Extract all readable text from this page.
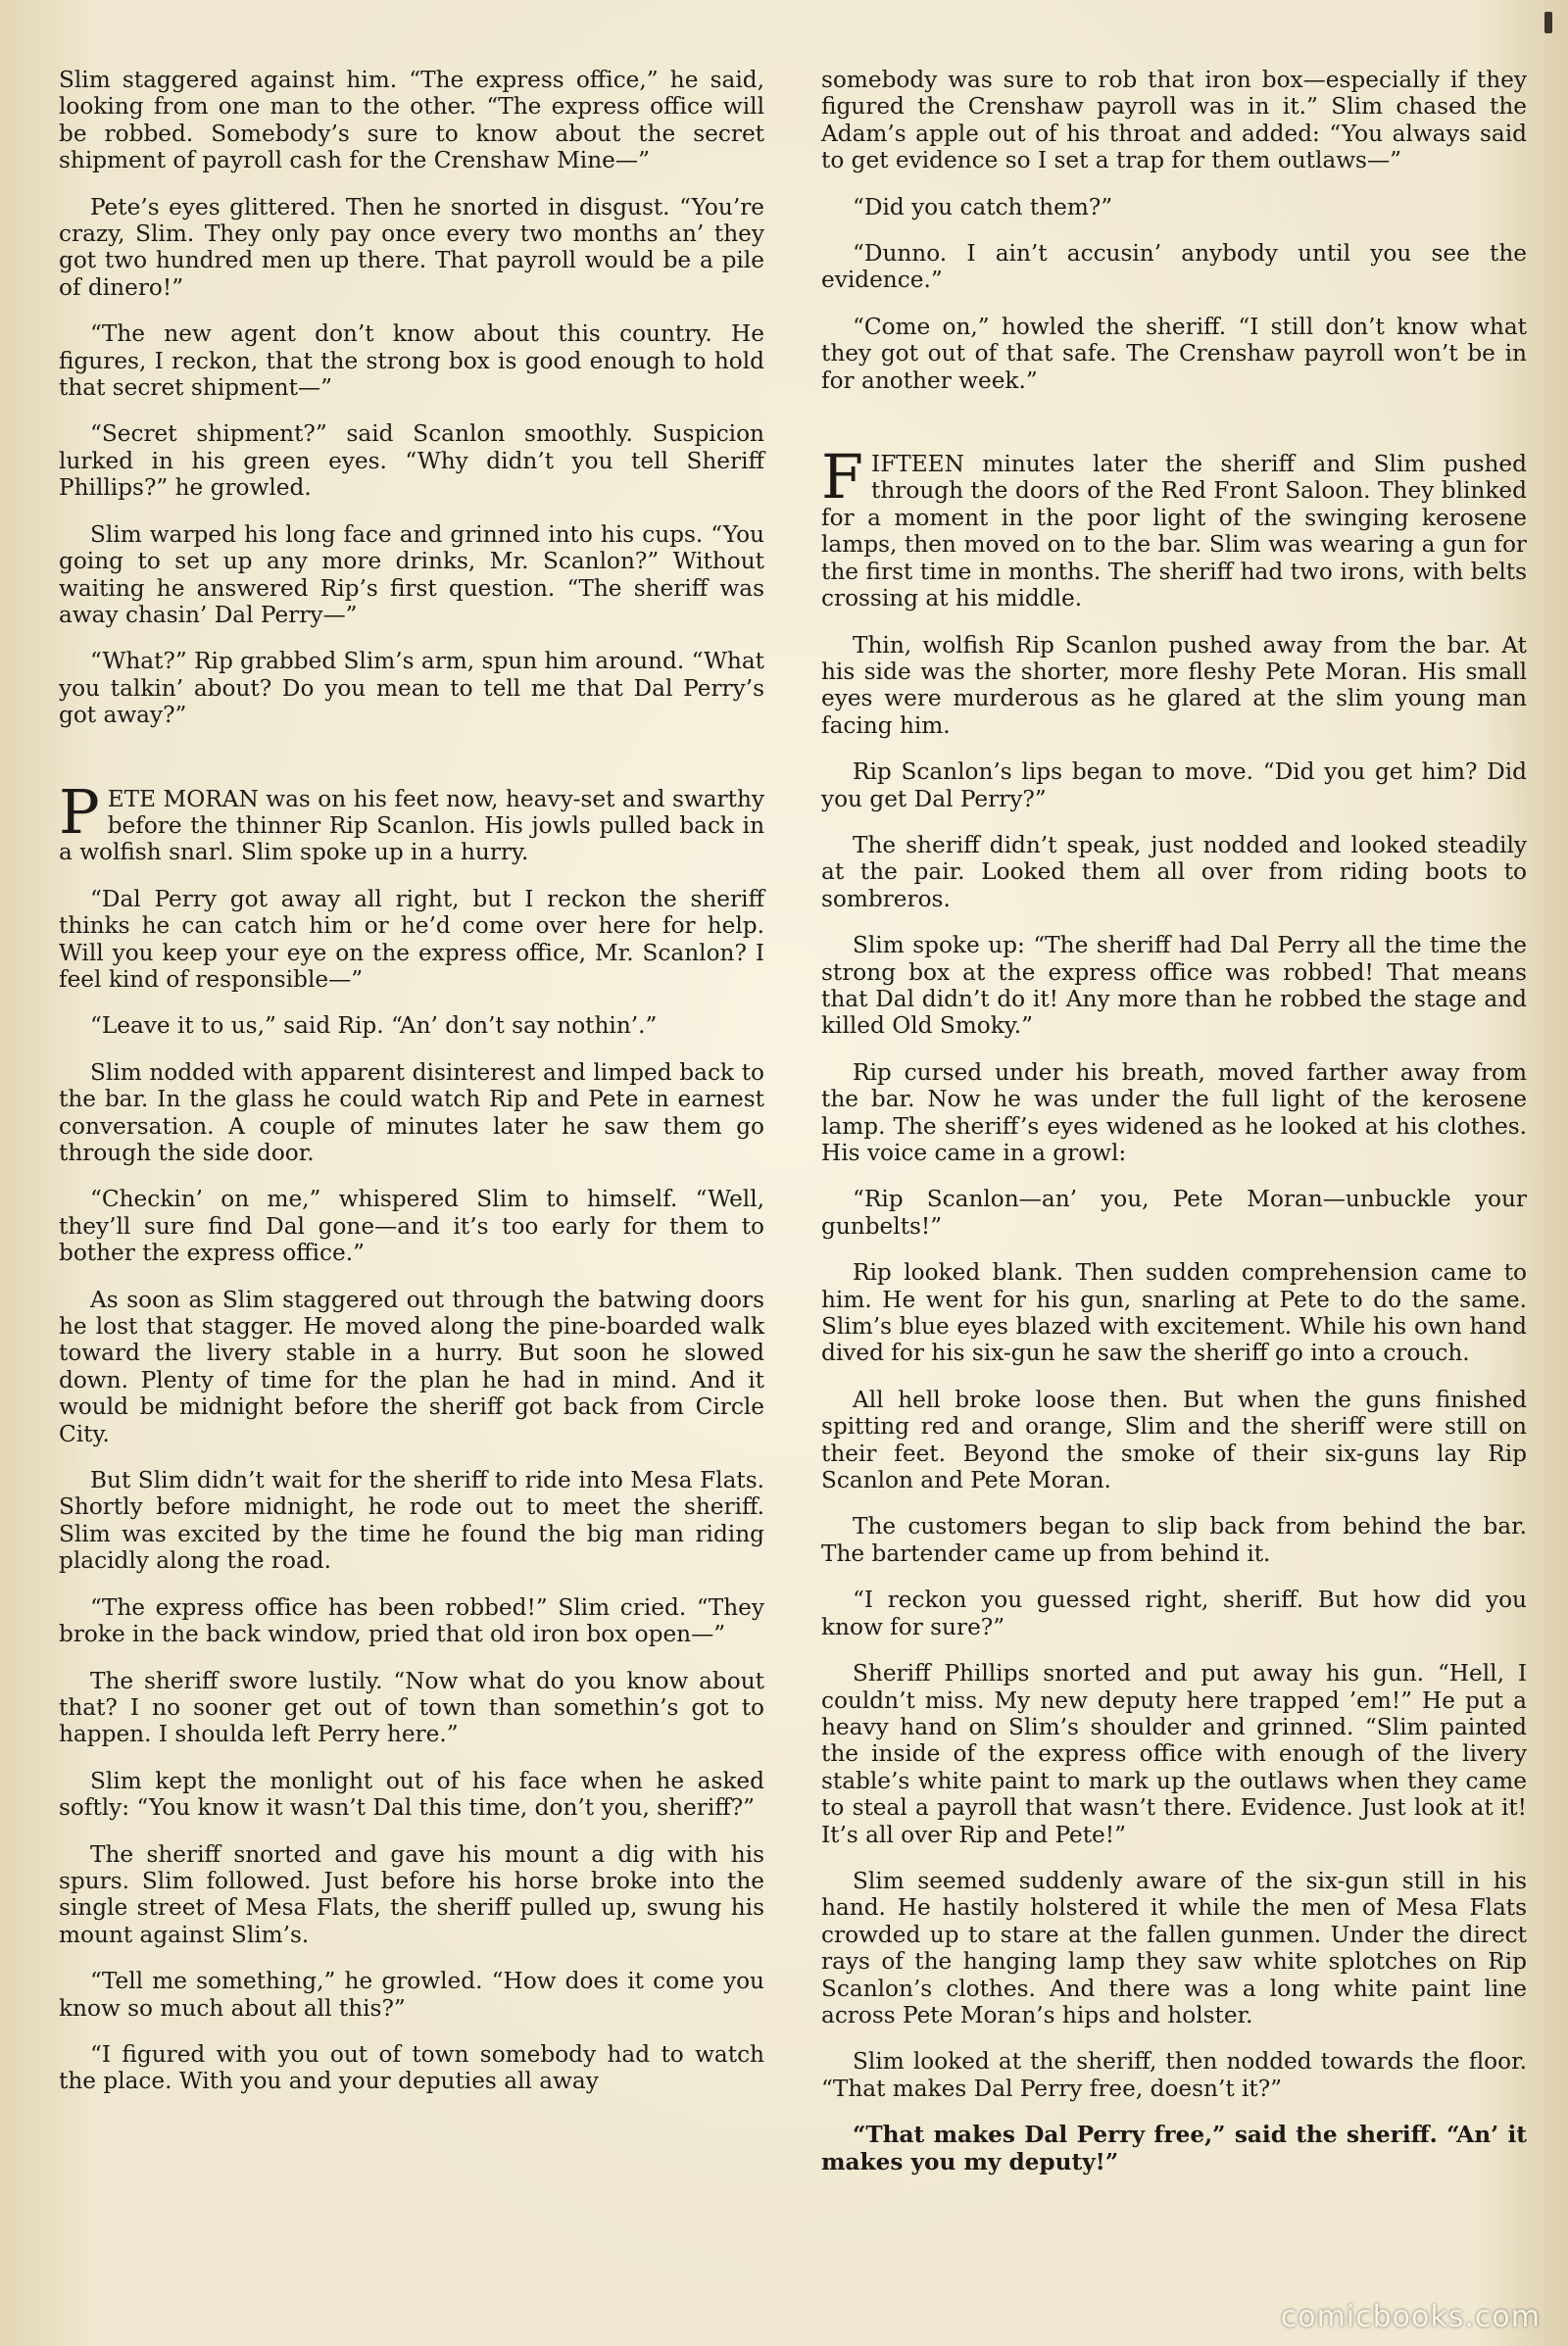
Slim staggered against him. “The express office,” he said, looking from one man to the other. “The express office will be robbed. Somebody’s sure to know about the secret shipment of payroll cash for the Crenshaw Mine—”

Pete’s eyes glittered. Then he snorted in disgust. “You’re crazy, Slim. They only pay once every two months an’ they got two hundred men up there. That payroll would be a pile of dinero!”

“The new agent don’t know about this country. He figures, I reckon, that the strong box is good enough to hold that secret shipment—”

“Secret shipment?” said Scanlon smoothly. Suspicion lurked in his green eyes. “Why didn’t you tell Sheriff Phillips?” he growled.

Slim warped his long face and grinned into his cups. “You going to set up any more drinks, Mr. Scanlon?” Without waiting he answered Rip’s first question. “The sheriff was away chasin’ Dal Perry—”

“What?” Rip grabbed Slim’s arm, spun him around. “What you talkin’ about? Do you mean to tell me that Dal Perry’s got away?”

PETE MORAN was on his feet now, heavy-set and swarthy before the thinner Rip Scanlon. His jowls pulled back in a wolfish snarl. Slim spoke up in a hurry.

“Dal Perry got away all right, but I reckon the sheriff thinks he can catch him or he’d come over here for help. Will you keep your eye on the express office, Mr. Scanlon? I feel kind of responsible—”

“Leave it to us,” said Rip. “An’ don’t say nothin’.”

Slim nodded with apparent disinterest and limped back to the bar. In the glass he could watch Rip and Pete in earnest conversation. A couple of minutes later he saw them go through the side door.

“Checkin’ on me,” whispered Slim to himself. “Well, they’ll sure find Dal gone—and it’s too early for them to bother the express office.”

As soon as Slim staggered out through the batwing doors he lost that stagger. He moved along the pine-boarded walk toward the livery stable in a hurry. But soon he slowed down. Plenty of time for the plan he had in mind. And it would be midnight before the sheriff got back from Circle City.

But Slim didn’t wait for the sheriff to ride into Mesa Flats. Shortly before midnight, he rode out to meet the sheriff. Slim was excited by the time he found the big man riding placidly along the road.

“The express office has been robbed!” Slim cried. “They broke in the back window, pried that old iron box open—”

The sheriff swore lustily. “Now what do you know about that? I no sooner get out of town than somethin’s got to happen. I shoulda left Perry here.”

Slim kept the monlight out of his face when he asked softly: “You know it wasn’t Dal this time, don’t you, sheriff?”

The sheriff snorted and gave his mount a dig with his spurs. Slim followed. Just before his horse broke into the single street of Mesa Flats, the sheriff pulled up, swung his mount against Slim’s.

“Tell me something,” he growled. “How does it come you know so much about all this?”

“I figured with you out of town somebody had to watch the place. With you and your deputies all away

somebody was sure to rob that iron box—especially if they figured the Crenshaw payroll was in it.” Slim chased the Adam’s apple out of his throat and added: “You always said to get evidence so I set a trap for them outlaws—”

“Did you catch them?”

“Dunno. I ain’t accusin’ anybody until you see the evidence.”

“Come on,” howled the sheriff. “I still don’t know what they got out of that safe. The Crenshaw payroll won’t be in for another week.”

FIFTEEN minutes later the sheriff and Slim pushed through the doors of the Red Front Saloon. They blinked for a moment in the poor light of the swinging kerosene lamps, then moved on to the bar. Slim was wearing a gun for the first time in months. The sheriff had two irons, with belts crossing at his middle.

Thin, wolfish Rip Scanlon pushed away from the bar. At his side was the shorter, more fleshy Pete Moran. His small eyes were murderous as he glared at the slim young man facing him.

Rip Scanlon’s lips began to move. “Did you get him? Did you get Dal Perry?”

The sheriff didn’t speak, just nodded and looked steadily at the pair. Looked them all over from riding boots to sombreros.

Slim spoke up: “The sheriff had Dal Perry all the time the strong box at the express office was robbed! That means that Dal didn’t do it! Any more than he robbed the stage and killed Old Smoky.”

Rip cursed under his breath, moved farther away from the bar. Now he was under the full light of the kerosene lamp. The sheriff’s eyes widened as he looked at his clothes. His voice came in a growl:

“Rip Scanlon—an’ you, Pete Moran—unbuckle your gunbelts!”

Rip looked blank. Then sudden comprehension came to him. He went for his gun, snarling at Pete to do the same. Slim’s blue eyes blazed with excitement. While his own hand dived for his six-gun he saw the sheriff go into a crouch.

All hell broke loose then. But when the guns finished spitting red and orange, Slim and the sheriff were still on their feet. Beyond the smoke of their six-guns lay Rip Scanlon and Pete Moran.

The customers began to slip back from behind the bar. The bartender came up from behind it.

“I reckon you guessed right, sheriff. But how did you know for sure?”

Sheriff Phillips snorted and put away his gun. “Hell, I couldn’t miss. My new deputy here trapped ’em!” He put a heavy hand on Slim’s shoulder and grinned. “Slim painted the inside of the express office with enough of the livery stable’s white paint to mark up the outlaws when they came to steal a payroll that wasn’t there. Evidence. Just look at it! It’s all over Rip and Pete!”

Slim seemed suddenly aware of the six-gun still in his hand. He hastily holstered it while the men of Mesa Flats crowded up to stare at the fallen gunmen. Under the direct rays of the hanging lamp they saw white splotches on Rip Scanlon’s clothes. And there was a long white paint line across Pete Moran’s hips and holster.

Slim looked at the sheriff, then nodded towards the floor. “That makes Dal Perry free, doesn’t it?”

“That makes Dal Perry free,” said the sheriff. “An’ it makes you my deputy!”

comicbooks.com
